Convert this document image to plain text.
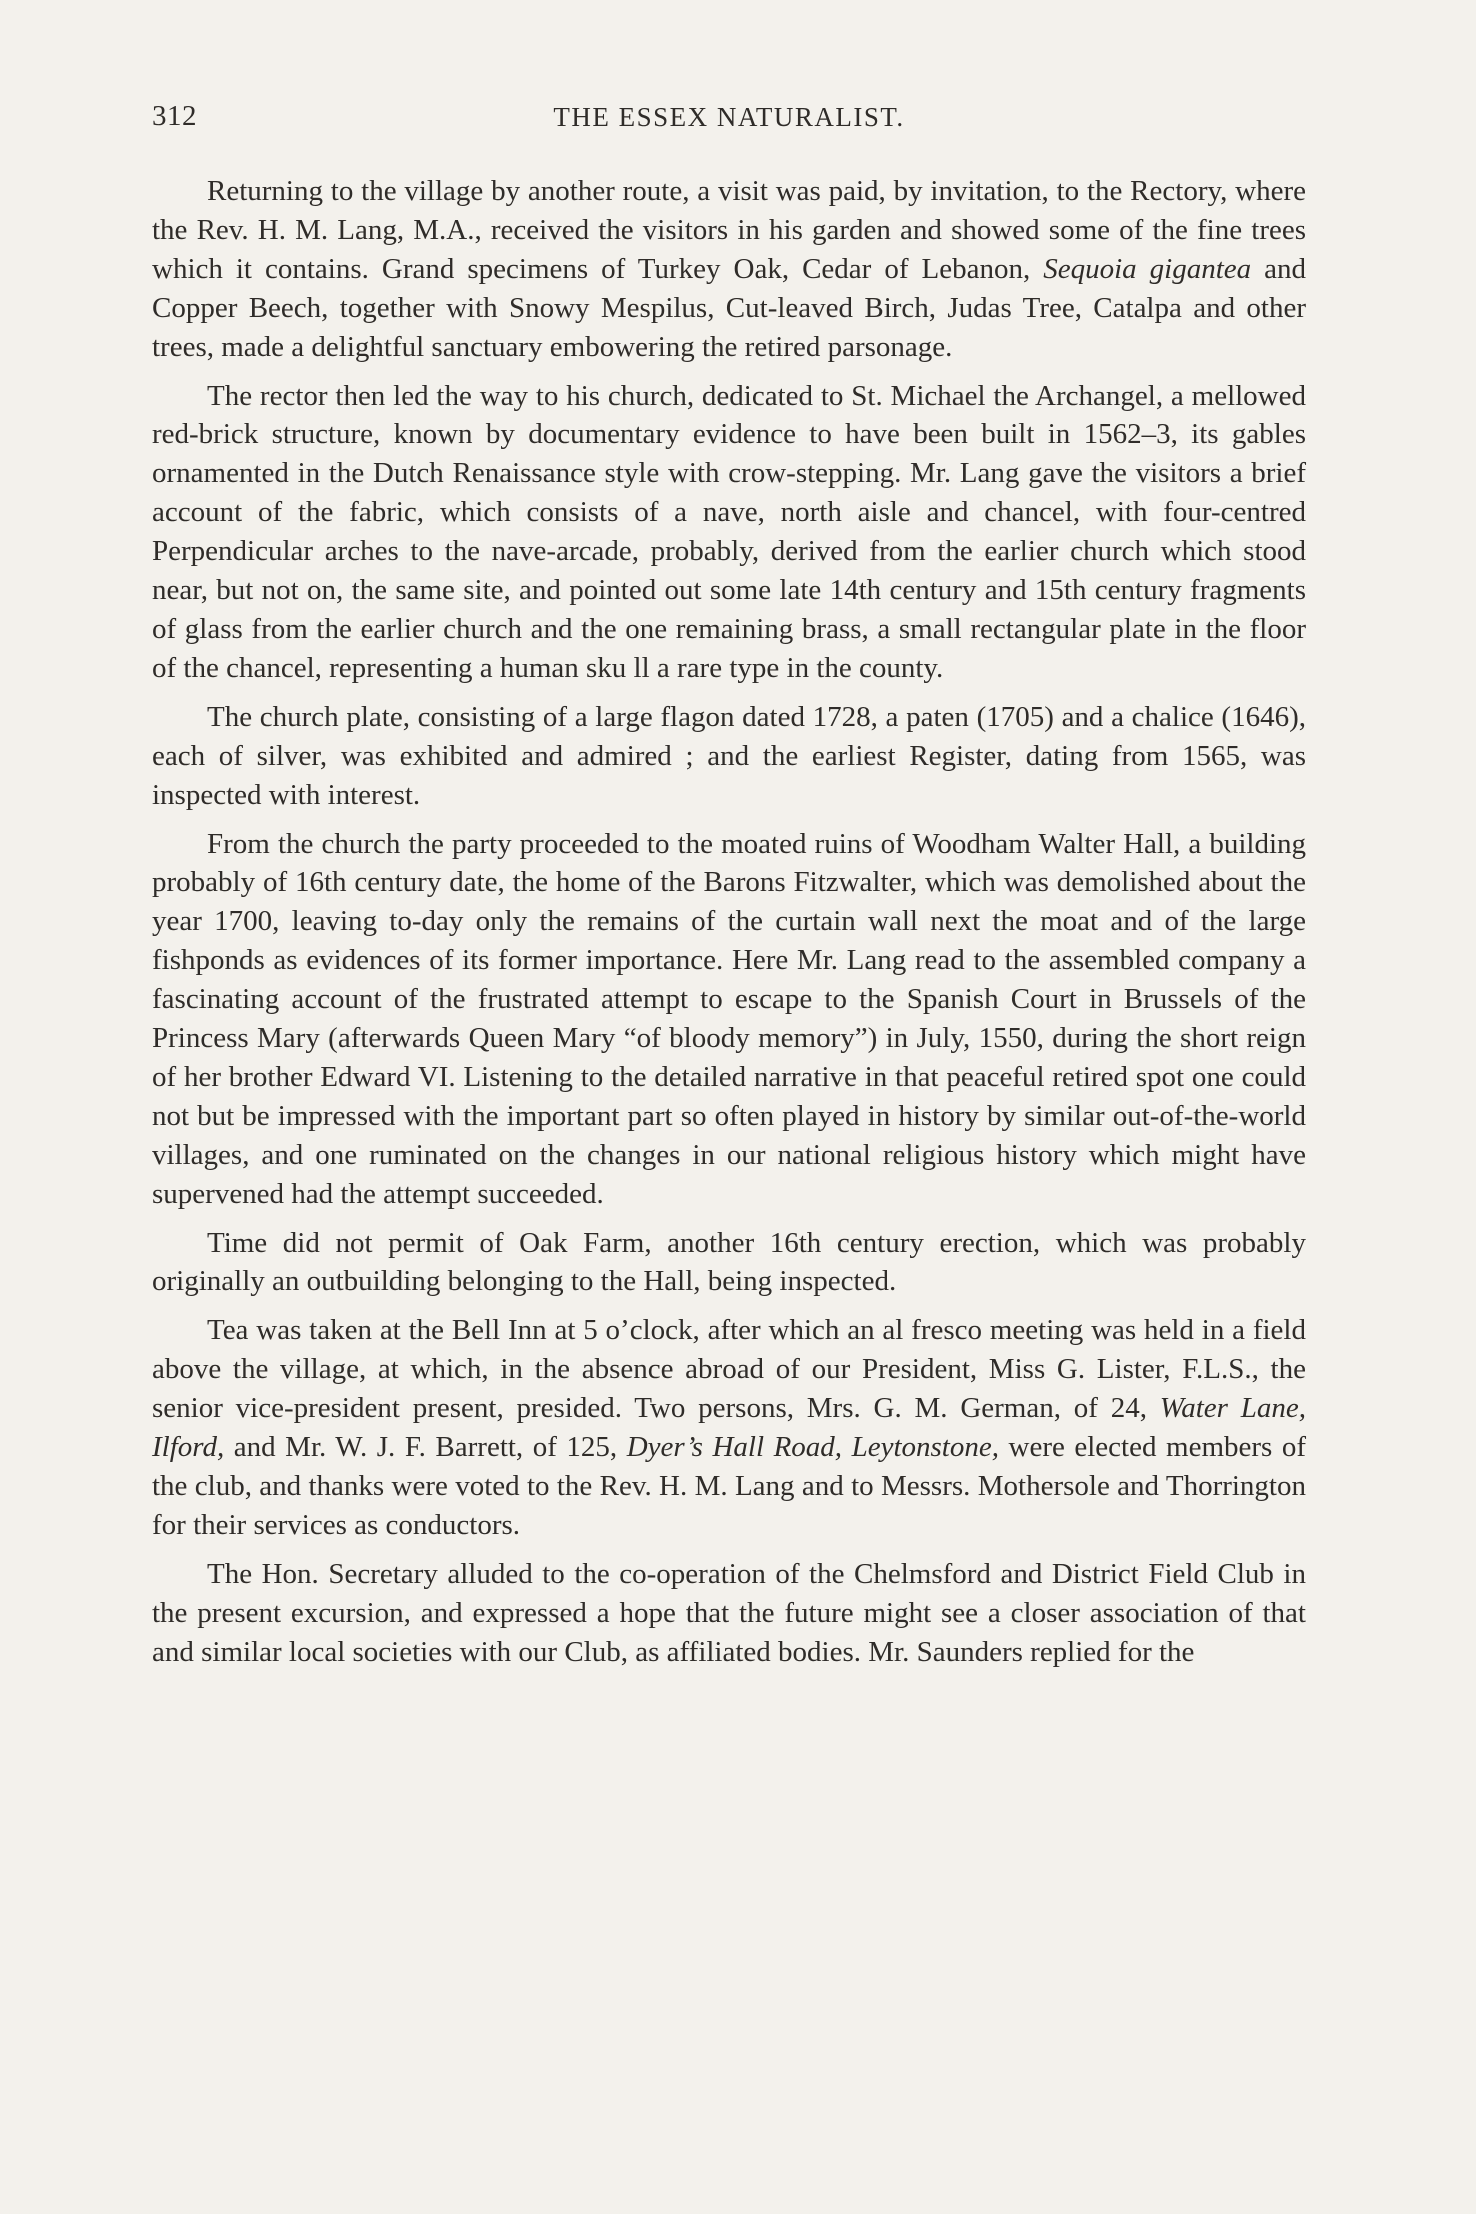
312	THE ESSEX NATURALIST.

Returning to the village by another route, a visit was paid, by invitation, to the Rectory, where the Rev. H. M. Lang, M.A., received the visitors in his garden and showed some of the fine trees which it contains. Grand specimens of Turkey Oak, Cedar of Lebanon, Sequoia gigantea and Copper Beech, together with Snowy Mespilus, Cut-leaved Birch, Judas Tree, Catalpa and other trees, made a delightful sanctuary embowering the retired parsonage.

The rector then led the way to his church, dedicated to St. Michael the Archangel, a mellowed red-brick structure, known by documentary evidence to have been built in 1562–3, its gables ornamented in the Dutch Renaissance style with crow-stepping. Mr. Lang gave the visitors a brief account of the fabric, which consists of a nave, north aisle and chancel, with four-centred Perpendicular arches to the nave-arcade, probably, derived from the earlier church which stood near, but not on, the same site, and pointed out some late 14th century and 15th century fragments of glass from the earlier church and the one remaining brass, a small rectangular plate in the floor of the chancel, representing a human sku ll a rare type in the county.

The church plate, consisting of a large flagon dated 1728, a paten (1705) and a chalice (1646), each of silver, was exhibited and admired ; and the earliest Register, dating from 1565, was inspected with interest.

From the church the party proceeded to the moated ruins of Woodham Walter Hall, a building probably of 16th century date, the home of the Barons Fitzwalter, which was demolished about the year 1700, leaving to-day only the remains of the curtain wall next the moat and of the large fishponds as evidences of its former importance. Here Mr. Lang read to the assembled company a fascinating account of the frustrated attempt to escape to the Spanish Court in Brussels of the Princess Mary (afterwards Queen Mary “of bloody memory”) in July, 1550, during the short reign of her brother Edward VI. Listening to the detailed narrative in that peaceful retired spot one could not but be impressed with the important part so often played in history by similar out-of-the-world villages, and one ruminated on the changes in our national religious history which might have supervened had the attempt succeeded.

Time did not permit of Oak Farm, another 16th century erection, which was probably originally an outbuilding belonging to the Hall, being inspected.

Tea was taken at the Bell Inn at 5 o’clock, after which an al fresco meeting was held in a field above the village, at which, in the absence abroad of our President, Miss G. Lister, F.L.S., the senior vice-president present, presided. Two persons, Mrs. G. M. German, of 24, Water Lane, Ilford, and Mr. W. J. F. Barrett, of 125, Dyer’s Hall Road, Leytonstone, were elected members of the club, and thanks were voted to the Rev. H. M. Lang and to Messrs. Mothersole and Thorrington for their services as conductors.

The Hon. Secretary alluded to the co-operation of the Chelmsford and District Field Club in the present excursion, and expressed a hope that the future might see a closer association of that and similar local societies with our Club, as affiliated bodies. Mr. Saunders replied for the
